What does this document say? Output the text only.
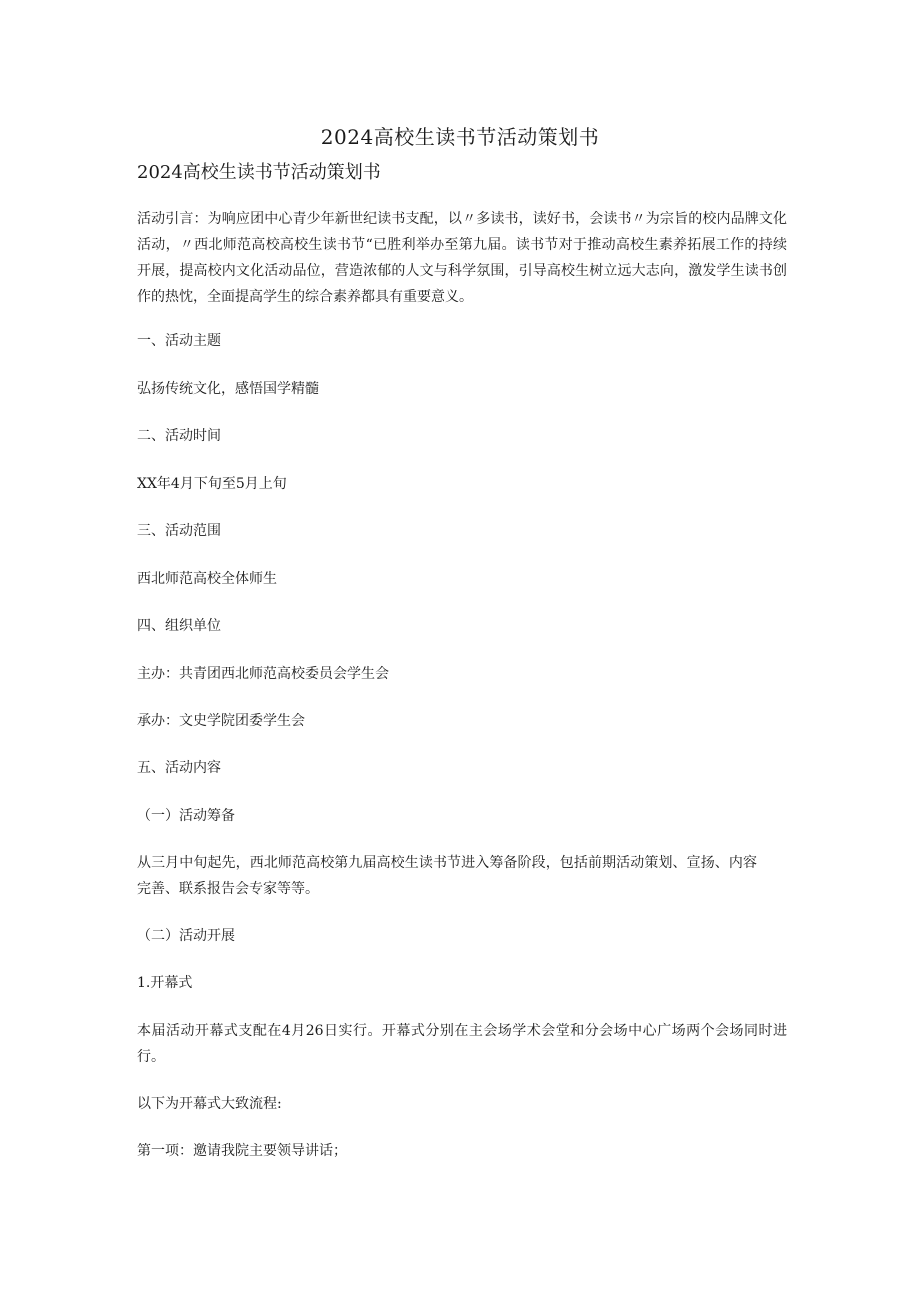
2024高校生读书节活动策划书
2024高校生读书节活动策划书
活动引言：为响应团中心青少年新世纪读书支配，以〃多读书，读好书，会读书〃为宗旨的校内品牌文化活动，〃西北师范高校高校生读书节“已胜利举办至第九届。读书节对于推动高校生素养拓展工作的持续开展，提高校内文化活动品位，营造浓郁的人文与科学氛围，引导高校生树立远大志向，激发学生读书创作的热忱，全面提高学生的综合素养都具有重要意义。
一、活动主题
弘扬传统文化，感悟国学精髓
二、活动时间
XX年4月下旬至5月上旬
三、活动范围
西北师范高校全体师生
四、组织单位
主办：共青团西北师范高校委员会学生会
承办：文史学院团委学生会
五、活动内容
（一）活动筹备
从三月中旬起先，西北师范高校第九届高校生读书节进入筹备阶段，包括前期活动策划、宣扬、内容完善、联系报告会专家等等。
（二）活动开展
1.开幕式
本届活动开幕式支配在4月26日实行。开幕式分别在主会场学术会堂和分会场中心广场两个会场同时进行。
以下为开幕式大致流程:
第一项：邀请我院主要领导讲话；
